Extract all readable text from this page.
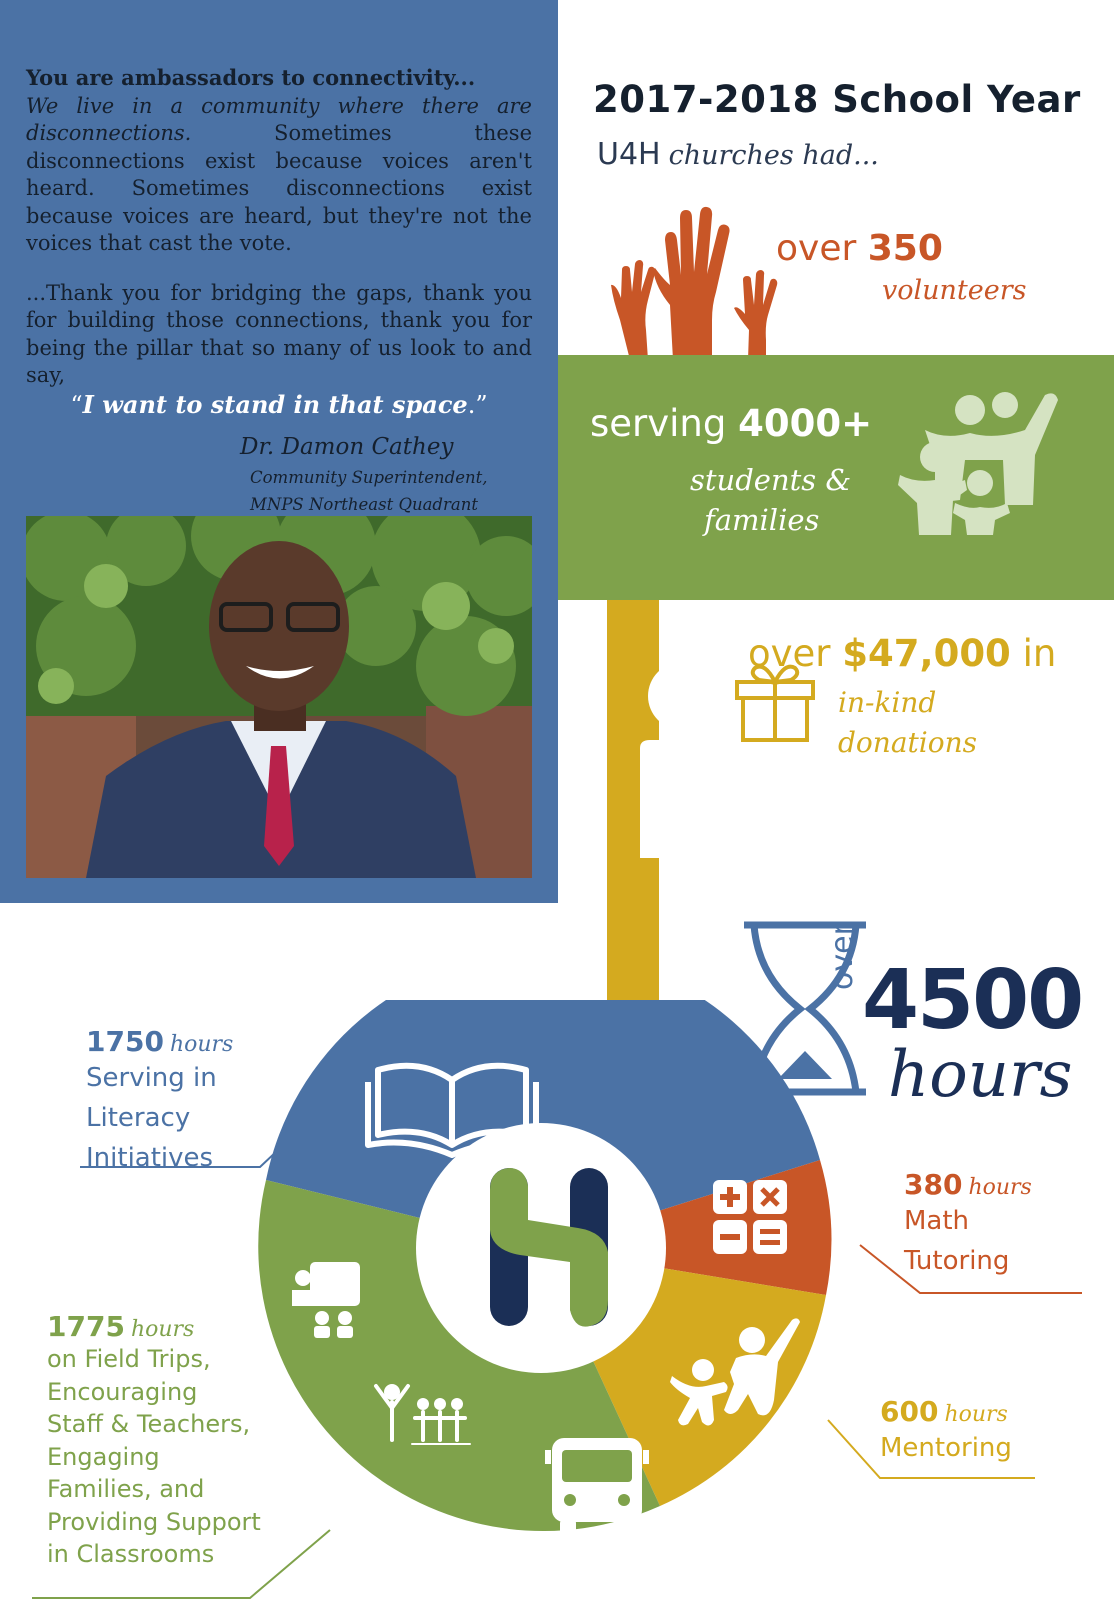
You are ambassadors to connectivity...

We live in a community where there are disconnections. Sometimes these disconnections exist because voices aren't heard. Sometimes disconnections exist because voices are heard, but they're not the voices that cast the vote.

...Thank you for bridging the gaps, thank you for building those connections, thank you for being the pillar that so many of us look to and say,

“I want to stand in that space.”
Dr. Damon Cathey
Community Superintendent,
MNPS Northeast Quadrant
2017-2018 School Year
U4H churches had...
over 350
volunteers
serving 4000+
students &
families
over $47,000 in
in-kind
donations
over 4500
hours
1750 hours
Serving in
Literacy
Initiatives
380 hours
Math
Tutoring
600 hours
Mentoring
1775 hours
on Field Trips,
Encouraging
Staff & Teachers,
Engaging
Families, and
Providing Support
in Classrooms
